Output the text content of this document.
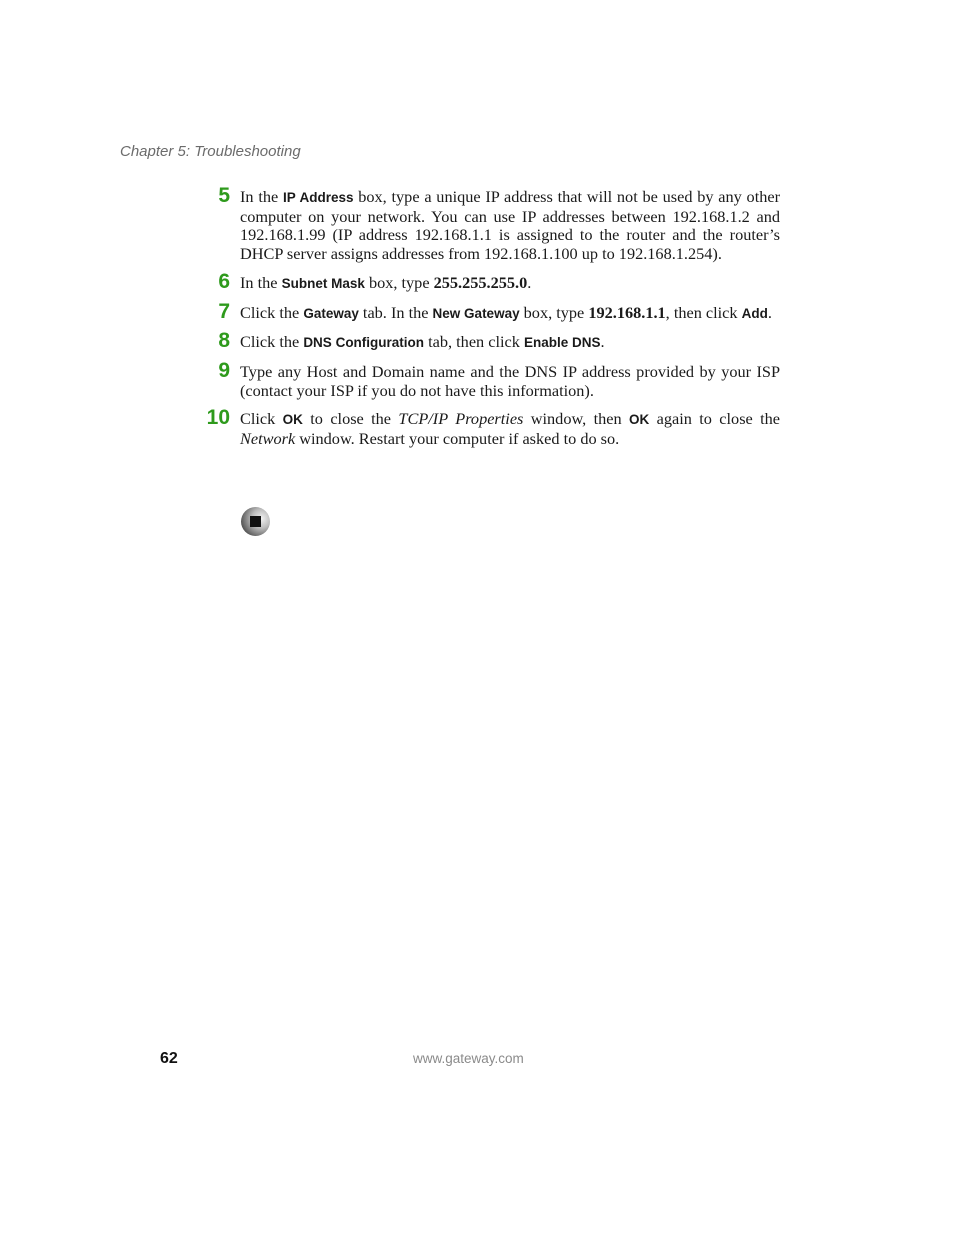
Chapter 5: Troubleshooting
5 In the IP Address box, type a unique IP address that will not be used by any other computer on your network. You can use IP addresses between 192.168.1.2 and 192.168.1.99 (IP address 192.168.1.1 is assigned to the router and the router’s DHCP server assigns addresses from 192.168.1.100 up to 192.168.1.254).
6 In the Subnet Mask box, type 255.255.255.0.
7 Click the Gateway tab. In the New Gateway box, type 192.168.1.1, then click Add.
8 Click the DNS Configuration tab, then click Enable DNS.
9 Type any Host and Domain name and the DNS IP address provided by your ISP (contact your ISP if you do not have this information).
10 Click OK to close the TCP/IP Properties window, then OK again to close the Network window. Restart your computer if asked to do so.
62	www.gateway.com
